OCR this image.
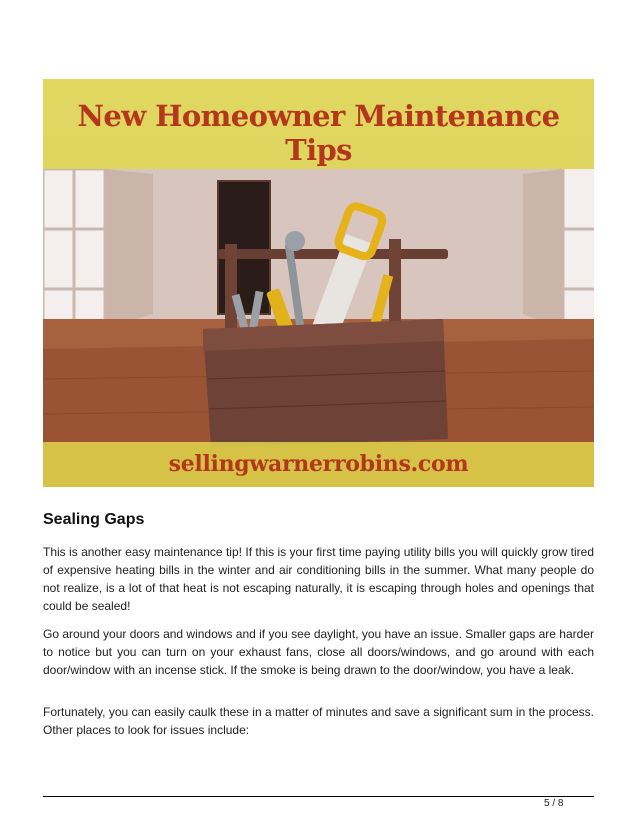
New Homeowner Maintenance Tips
sellingwarnerrobins.com
Sealing Gaps

This is another easy maintenance tip! If this is your first time paying utility bills you will quickly grow tired of expensive heating bills in the winter and air conditioning bills in the summer. What many people do not realize, is a lot of that heat is not escaping naturally, it is escaping through holes and openings that could be sealed!

Go around your doors and windows and if you see daylight, you have an issue. Smaller gaps are harder to notice but you can turn on your exhaust fans, close all doors/windows, and go around with each door/window with an incense stick. If the smoke is being drawn to the door/window, you have a leak.

Fortunately, you can easily caulk these in a matter of minutes and save a significant sum in the process. Other places to look for issues include:

5 / 8
